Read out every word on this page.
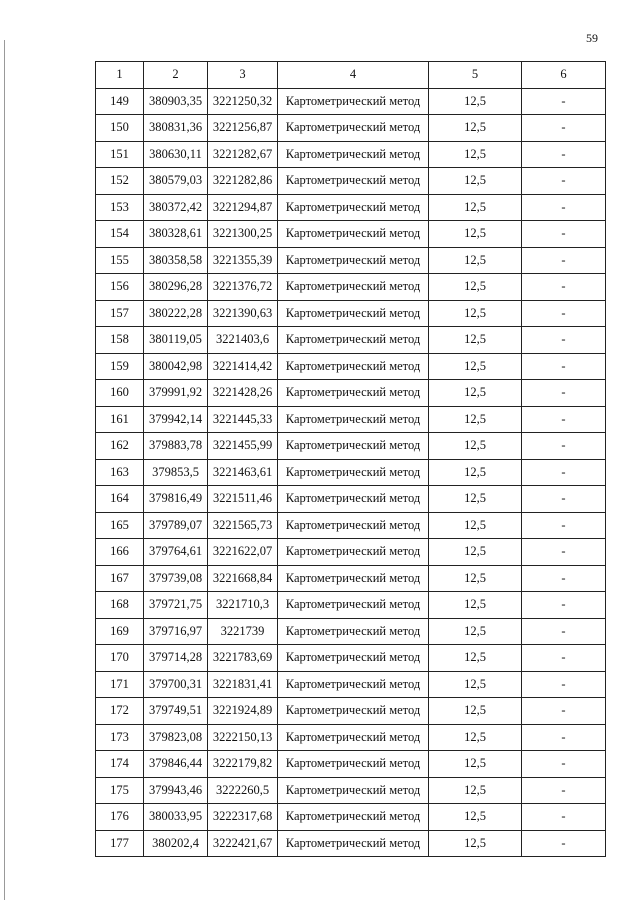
59
1	2	3	4	5	6
149	380903,35	3221250,32	Картометрический метод	12,5	-
150	380831,36	3221256,87	Картометрический метод	12,5	-
151	380630,11	3221282,67	Картометрический метод	12,5	-
152	380579,03	3221282,86	Картометрический метод	12,5	-
153	380372,42	3221294,87	Картометрический метод	12,5	-
154	380328,61	3221300,25	Картометрический метод	12,5	-
155	380358,58	3221355,39	Картометрический метод	12,5	-
156	380296,28	3221376,72	Картометрический метод	12,5	-
157	380222,28	3221390,63	Картометрический метод	12,5	-
158	380119,05	3221403,6	Картометрический метод	12,5	-
159	380042,98	3221414,42	Картометрический метод	12,5	-
160	379991,92	3221428,26	Картометрический метод	12,5	-
161	379942,14	3221445,33	Картометрический метод	12,5	-
162	379883,78	3221455,99	Картометрический метод	12,5	-
163	379853,5	3221463,61	Картометрический метод	12,5	-
164	379816,49	3221511,46	Картометрический метод	12,5	-
165	379789,07	3221565,73	Картометрический метод	12,5	-
166	379764,61	3221622,07	Картометрический метод	12,5	-
167	379739,08	3221668,84	Картометрический метод	12,5	-
168	379721,75	3221710,3	Картометрический метод	12,5	-
169	379716,97	3221739	Картометрический метод	12,5	-
170	379714,28	3221783,69	Картометрический метод	12,5	-
171	379700,31	3221831,41	Картометрический метод	12,5	-
172	379749,51	3221924,89	Картометрический метод	12,5	-
173	379823,08	3222150,13	Картометрический метод	12,5	-
174	379846,44	3222179,82	Картометрический метод	12,5	-
175	379943,46	3222260,5	Картометрический метод	12,5	-
176	380033,95	3222317,68	Картометрический метод	12,5	-
177	380202,4	3222421,67	Картометрический метод	12,5	-
